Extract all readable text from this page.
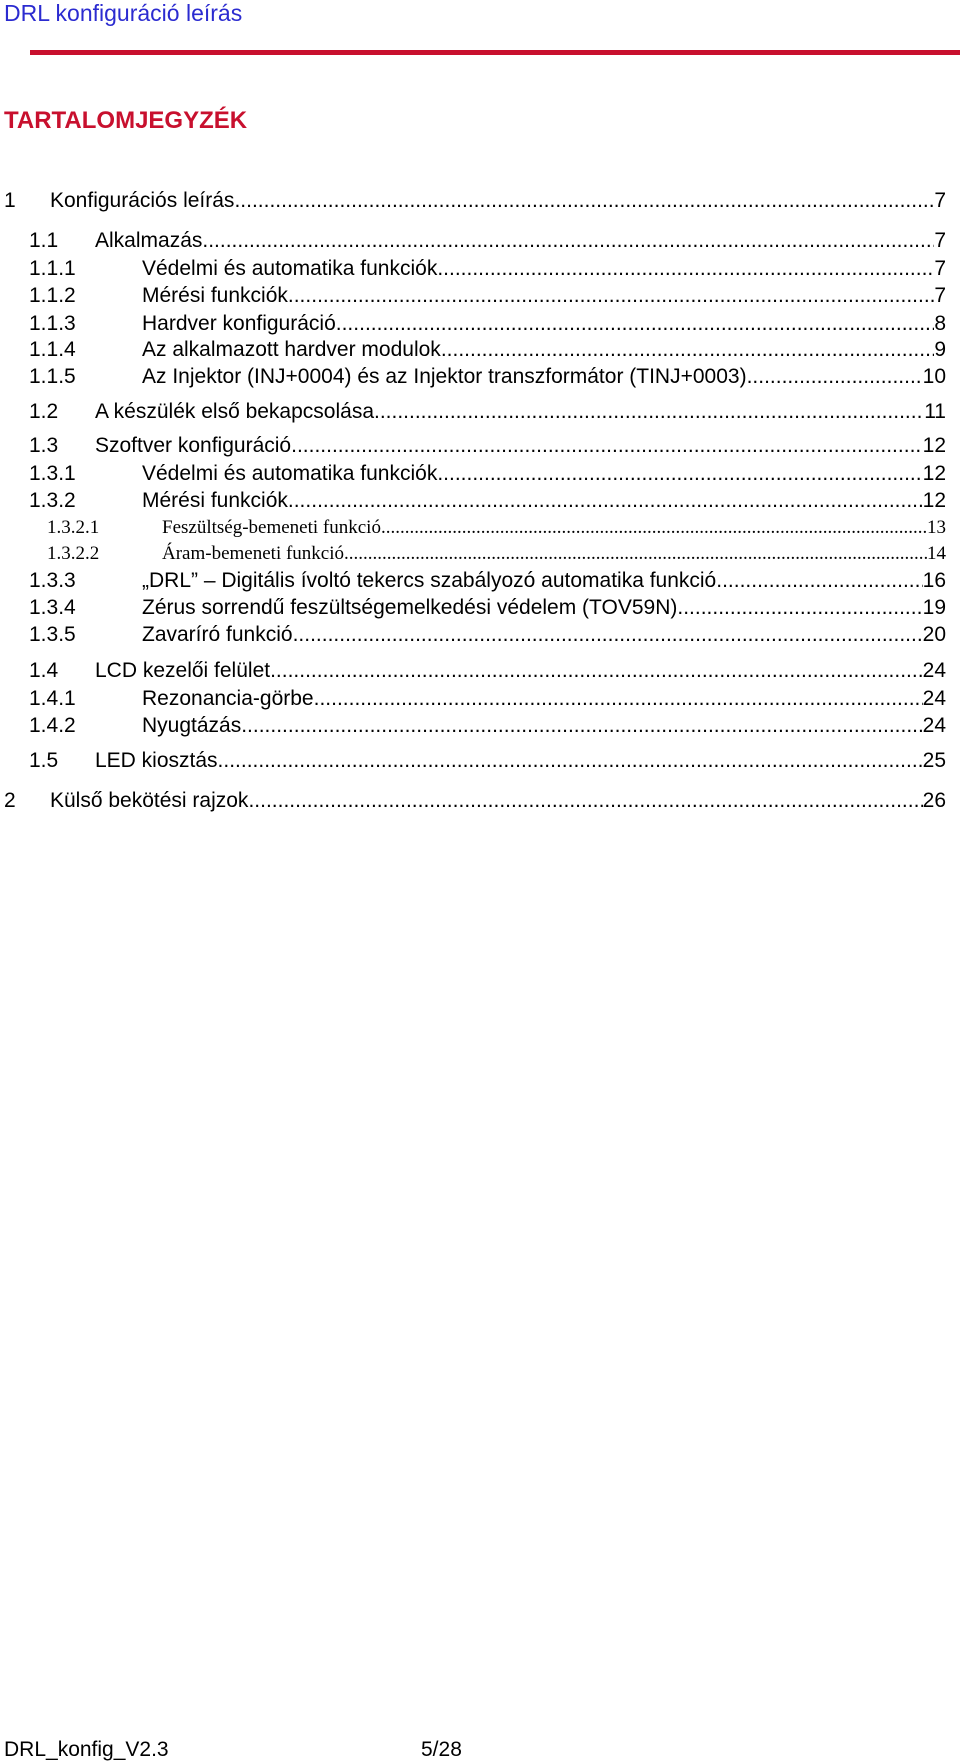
DRL konfiguráció leírás
TARTALOMJEGYZÉK
1	Konfigurációs leírás .....	7
1.1	Alkalmazás .....	7
1.1.1	Védelmi és automatika funkciók .....	7
1.1.2	Mérési funkciók .....	7
1.1.3	Hardver konfiguráció .....	8
1.1.4	Az alkalmazott hardver modulok .....	9
1.1.5	Az Injektor (INJ+0004) és az Injektor transzformátor (TINJ+0003) .....	10
1.2	A készülék első bekapcsolása .....	11
1.3	Szoftver konfiguráció .....	12
1.3.1	Védelmi és automatika funkciók .....	12
1.3.2	Mérési funkciók .....	12
1.3.2.1	Feszültség-bemeneti funkció .....	13
1.3.2.2	Áram-bemeneti funkció .....	14
1.3.3	„DRL” – Digitális ívoltó tekercs szabályozó automatika funkció .....	16
1.3.4	Zérus sorrendű feszültségemelkedési védelem (TOV59N) .....	19
1.3.5	Zavaríró funkció .....	20
1.4	LCD kezelői felület .....	24
1.4.1	Rezonancia-görbe .....	24
1.4.2	Nyugtázás .....	24
1.5	LED kiosztás .....	25
2	Külső bekötési rajzok .....	26
DRL_konfig_V2.3	5/28
